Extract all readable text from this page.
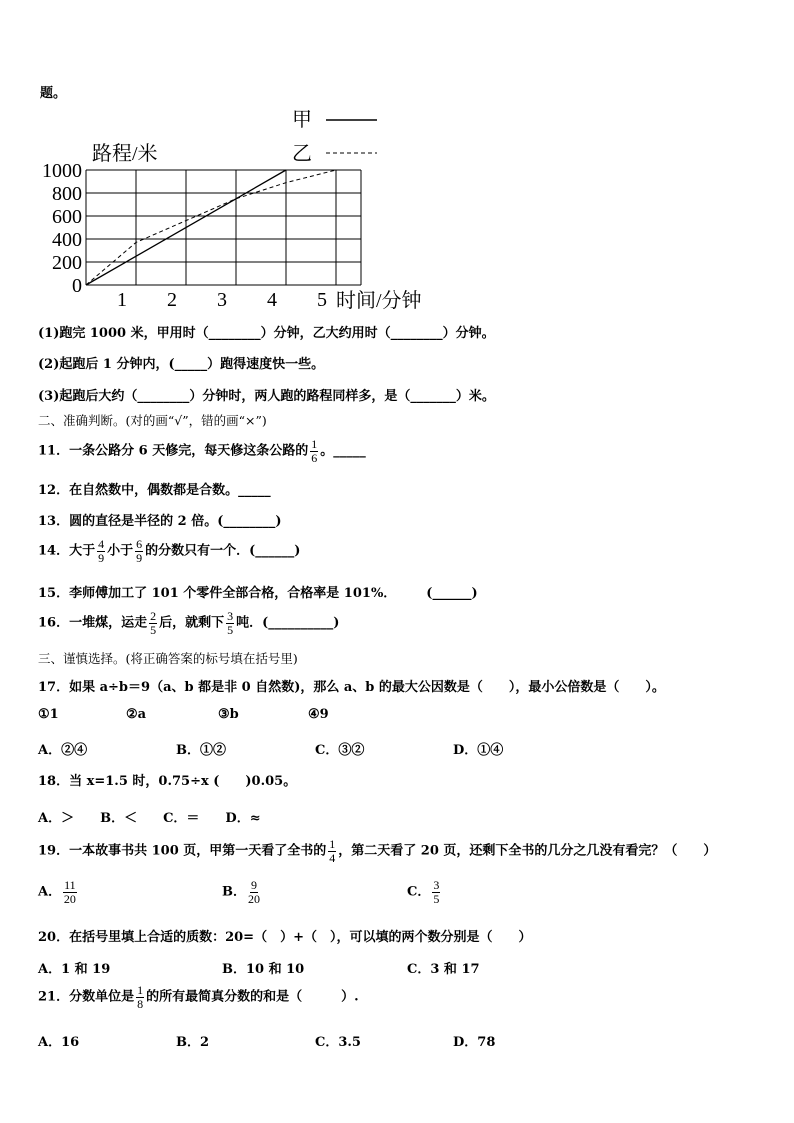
题。
甲
乙
路程/米
时间/分钟
0
200
400
600
800
1000
1 2 3 4 5
(1)跑完 1000 米，甲用时（________）分钟，乙大约用时（________）分钟。
(2)起跑后 1 分钟内，(_____）跑得速度快一些。
(3)起跑后大约（________）分钟时，两人跑的路程同样多，是（_______）米。
二、准确判断。(对的画“√”，错的画“×”)
11．一条公路分 6 天修完，每天修这条公路的 $\frac{1}{6}$ 。_____
12．在自然数中，偶数都是合数。_____
13．圆的直径是半径的 2 倍。(________)
14．大于 $\frac{4}{9}$ 小于 $\frac{6}{9}$ 的分数只有一个．(______)
15．李师傅加工了 101 个零件全部合格，合格率是 101%． (______)
16．一堆煤，运走 $\frac{2}{5}$ 后，就剩下 $\frac{3}{5}$ 吨．(__________)
三、谨慎选择。(将正确答案的标号填在括号里)
17．如果 a÷b＝9（a、b 都是非 0 自然数)，那么 a、b 的最大公因数是（　　），最小公倍数是（　　）。
①1	②a	③b	④9
A．②④	B．①②	C．③②	D．①④
18．当 x=1.5 时，0.75÷x (　　)0.05。
A．＞　　B．＜　　C．＝　　D．≈
19．一本故事书共 100 页，甲第一天看了全书的 $\frac{1}{4}$ ，第二天看了 20 页，还剩下全书的几分之几没有看完？（　　）
A． $\frac{11}{20}$	B． $\frac{9}{20}$	C． $\frac{3}{5}$
20．在括号里填上合适的质数：20=（　）+（　），可以填的两个数分别是（　　）
A．1 和 19	B．10 和 10	C．3 和 17
21．分数单位是 $\frac{1}{8}$ 的所有最简真分数的和是（　　　）.
A．16	B．2	C．3.5	D．78
